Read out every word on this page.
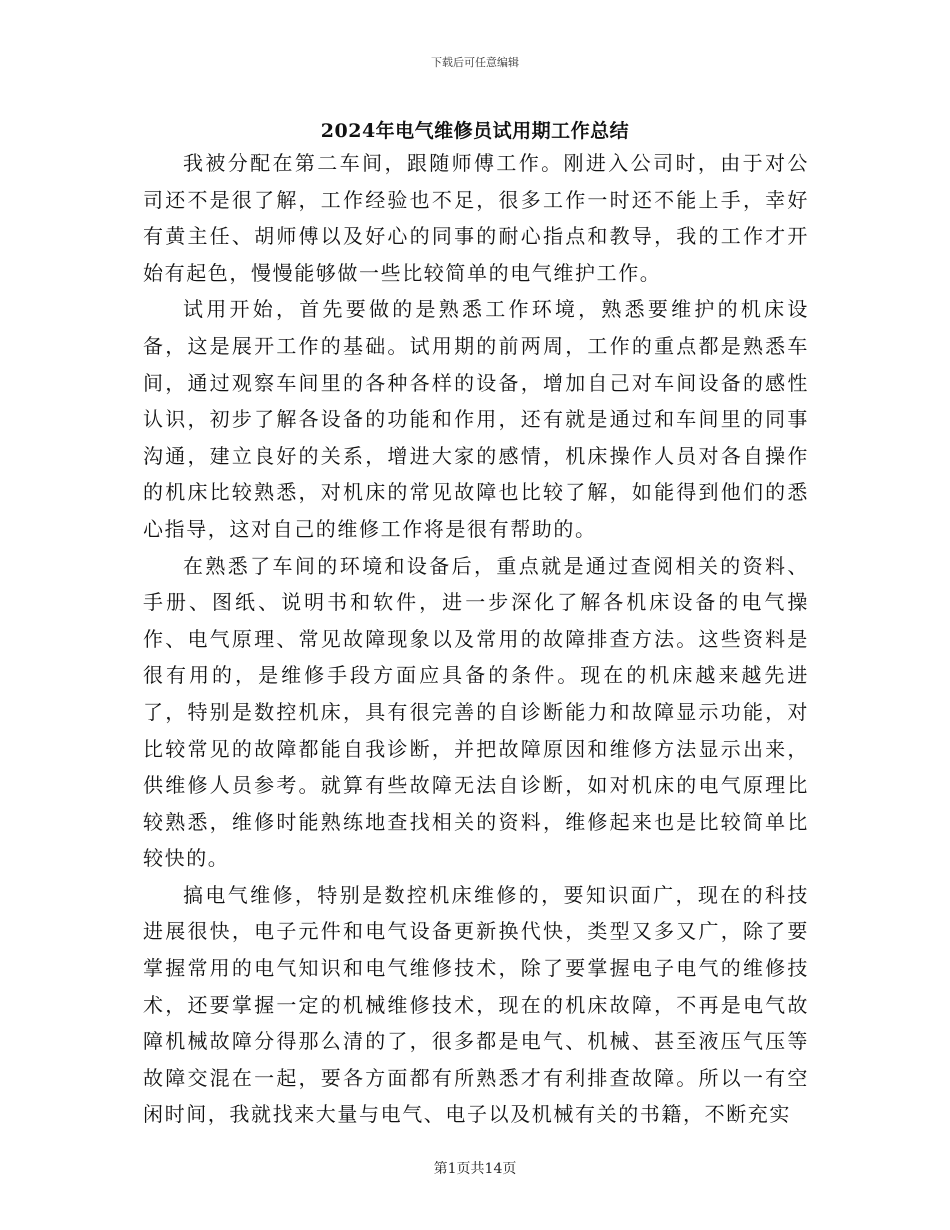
下载后可任意编辑
2024年电气维修员试用期工作总结

我被分配在第二车间，跟随师傅工作。刚进入公司时，由于对公司还不是很了解，工作经验也不足，很多工作一时还不能上手，幸好有黄主任、胡师傅以及好心的同事的耐心指点和教导，我的工作才开始有起色，慢慢能够做一些比较简单的电气维护工作。

试用开始，首先要做的是熟悉工作环境，熟悉要维护的机床设备，这是展开工作的基础。试用期的前两周，工作的重点都是熟悉车间，通过观察车间里的各种各样的设备，增加自己对车间设备的感性认识，初步了解各设备的功能和作用，还有就是通过和车间里的同事沟通，建立良好的关系，增进大家的感情，机床操作人员对各自操作的机床比较熟悉，对机床的常见故障也比较了解，如能得到他们的悉心指导，这对自己的维修工作将是很有帮助的。

在熟悉了车间的环境和设备后，重点就是通过查阅相关的资料、手册、图纸、说明书和软件，进一步深化了解各机床设备的电气操作、电气原理、常见故障现象以及常用的故障排查方法。这些资料是很有用的，是维修手段方面应具备的条件。现在的机床越来越先进了，特别是数控机床，具有很完善的自诊断能力和故障显示功能，对比较常见的故障都能自我诊断，并把故障原因和维修方法显示出来，供维修人员参考。就算有些故障无法自诊断，如对机床的电气原理比较熟悉，维修时能熟练地查找相关的资料，维修起来也是比较简单比较快的。

搞电气维修，特别是数控机床维修的，要知识面广，现在的科技进展很快，电子元件和电气设备更新换代快，类型又多又广，除了要掌握常用的电气知识和电气维修技术，除了要掌握电子电气的维修技术，还要掌握一定的机械维修技术，现在的机床故障，不再是电气故障机械故障分得那么清的了，很多都是电气、机械、甚至液压气压等故障交混在一起，要各方面都有所熟悉才有利排查故障。所以一有空闲时间，我就找来大量与电气、电子以及机械有关的书籍，不断充实

第1页共14页
